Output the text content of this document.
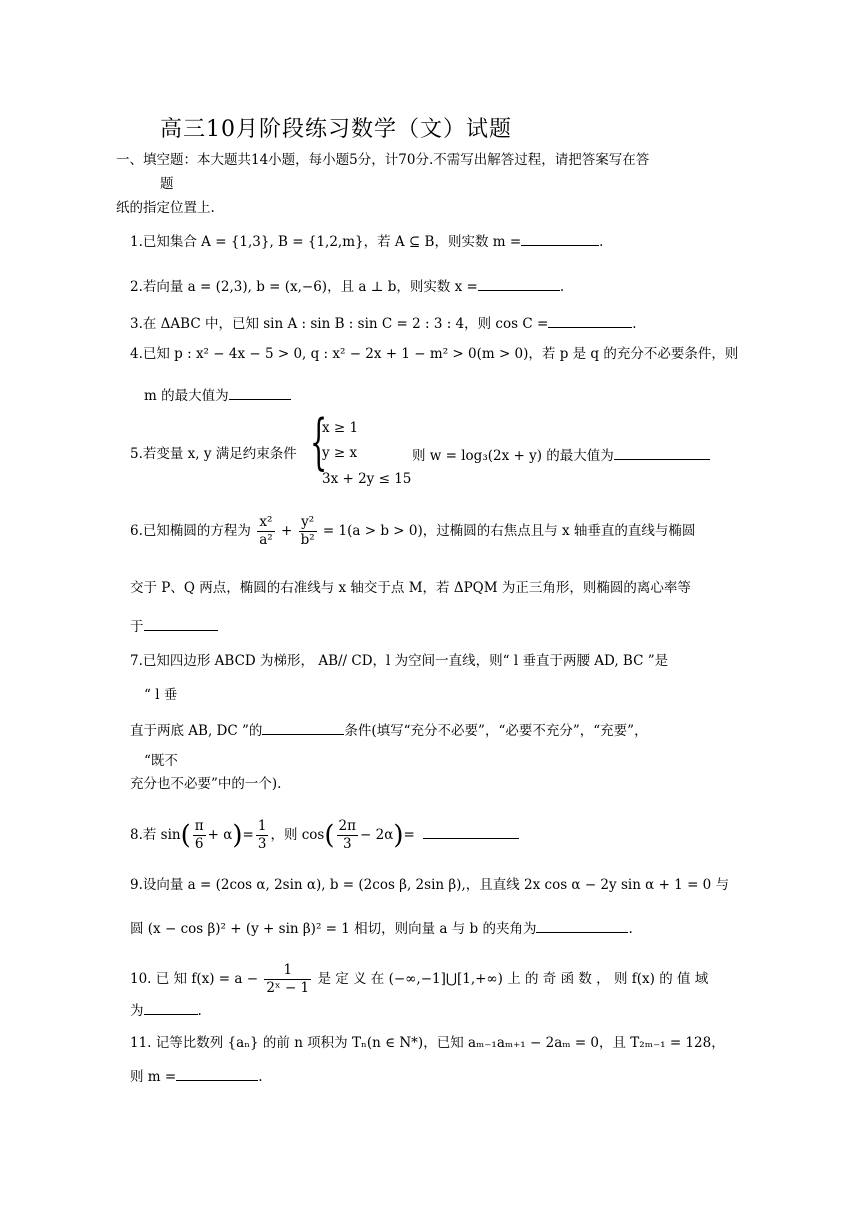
高三10月阶段练习数学（文）试题
一、填空题：本大题共14小题，每小题5分，计70分.不需写出解答过程，请把答案写在答
题
纸的指定位置上.
1.已知集合 A = {1,3}, B = {1,2,m}，若 A ⊆ B，则实数 m =	.
2.若向量 a = (2,3), b = (x,−6)，且 a ⊥ b，则实数 x =	.
3.在 ΔABC 中，已知 sin A : sin B : sin C = 2 : 3 : 4，则 cos C =	.
4.已知 p : x² − 4x − 5 > 0, q : x² − 2x + 1 − m² > 0(m > 0)，若 p 是 q 的充分不必要条件，则
m 的最大值为
5.若变量 x, y 满足约束条件 {
x ≥ 1
y ≥ x
3x + 2y ≤ 15
则 w = log₃(2x + y) 的最大值为
6.已知椭圆的方程为 $\frac{\text{x²}}{\text{a²}} + \frac{\text{y²}}{\text{b²}} = 1(a > b > 0)$，过椭圆的右焦点且与 x 轴垂直的直线与椭圆
交于 P、Q 两点，椭圆的右准线与 x 轴交于点 M，若 ΔPQM 为正三角形，则椭圆的离心率等
于
7.已知四边形 ABCD 为梯形， AB// CD，l 为空间一直线，则“ l 垂直于两腰 AD, BC ”是
“ l 垂
直于两底 AB, DC ”的	条件(填写“充分不必要”，“必要不充分”，“充要”，
“既不
充分也不必要”中的一个).
8.若 $\sin( \frac{\pi}{6} + \alpha)= \frac{1}{3}$ ，则 $\cos( \frac{2\pi}{3} - 2\alpha)=$
9.设向量 a = (2cos α, 2sin α), b = (2cos β, 2sin β),，且直线 2x cos α − 2y sin α + 1 = 0 与
圆 (x − cos β)² + (y + sin β)² = 1 相切，则向量 a 与 b 的夹角为	.
10. 已 知 $f(x) = a - \frac{1}{\text{2ˣ − 1}}$ 是 定 义 在 (−∞,−1]⋃[1,+∞) 上 的 奇 函 数 ， 则 f(x) 的 值 域
为	.
11. 记等比数列 {aₙ} 的前 n 项积为 Tₙ(n ∈ N*)，已知 aₘ₋₁aₘ₊₁ − 2aₘ = 0，且 T₂ₘ₋₁ = 128，
则 m =	.
